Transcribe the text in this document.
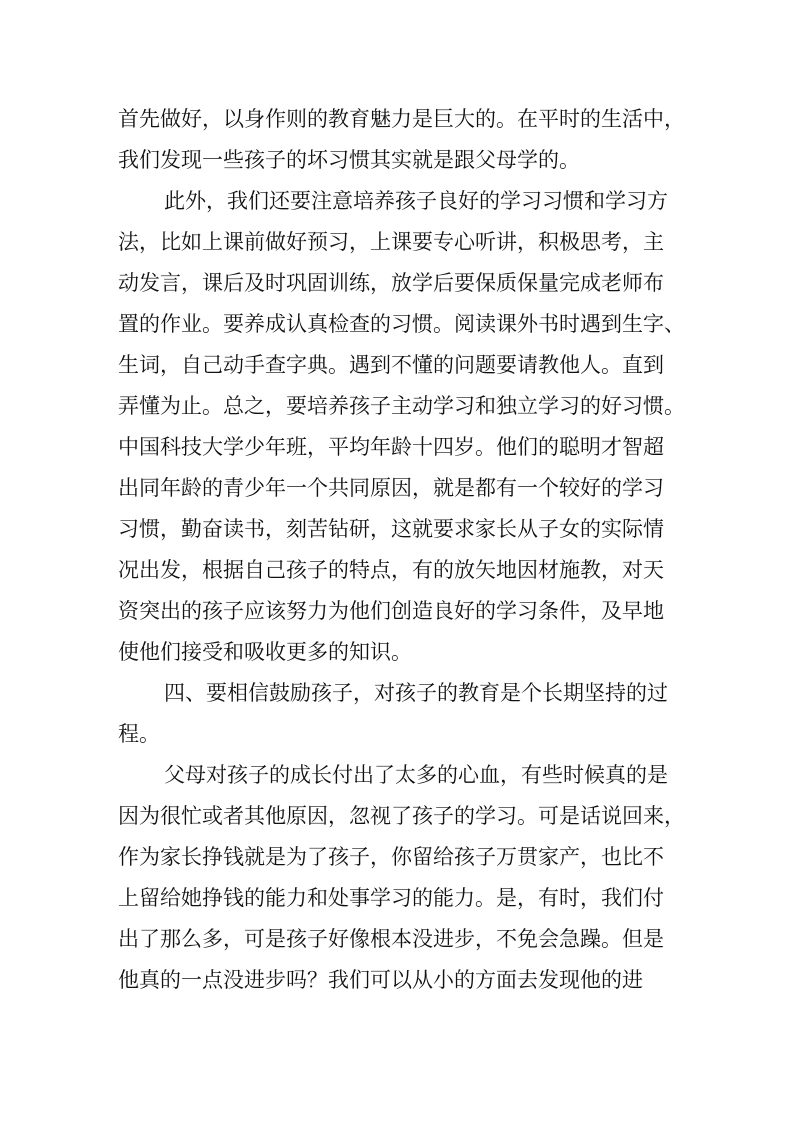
首先做好，以身作则的教育魅力是巨大的。在平时的生活中，
我们发现一些孩子的坏习惯其实就是跟父母学的。
此外，我们还要注意培养孩子良好的学习习惯和学习方
法，比如上课前做好预习，上课要专心听讲，积极思考，主
动发言，课后及时巩固训练，放学后要保质保量完成老师布
置的作业。要养成认真检查的习惯。阅读课外书时遇到生字、
生词，自己动手查字典。遇到不懂的问题要请教他人。直到
弄懂为止。总之，要培养孩子主动学习和独立学习的好习惯。
中国科技大学少年班，平均年龄十四岁。他们的聪明才智超
出同年龄的青少年一个共同原因，就是都有一个较好的学习
习惯，勤奋读书，刻苦钻研，这就要求家长从子女的实际情
况出发，根据自己孩子的特点，有的放矢地因材施教，对天
资突出的孩子应该努力为他们创造良好的学习条件，及早地
使他们接受和吸收更多的知识。
四、要相信鼓励孩子，对孩子的教育是个长期坚持的过
程。
父母对孩子的成长付出了太多的心血，有些时候真的是
因为很忙或者其他原因，忽视了孩子的学习。可是话说回来，
作为家长挣钱就是为了孩子，你留给孩子万贯家产，也比不
上留给她挣钱的能力和处事学习的能力。是，有时，我们付
出了那么多，可是孩子好像根本没进步，不免会急躁。但是
他真的一点没进步吗？我们可以从小的方面去发现他的进
